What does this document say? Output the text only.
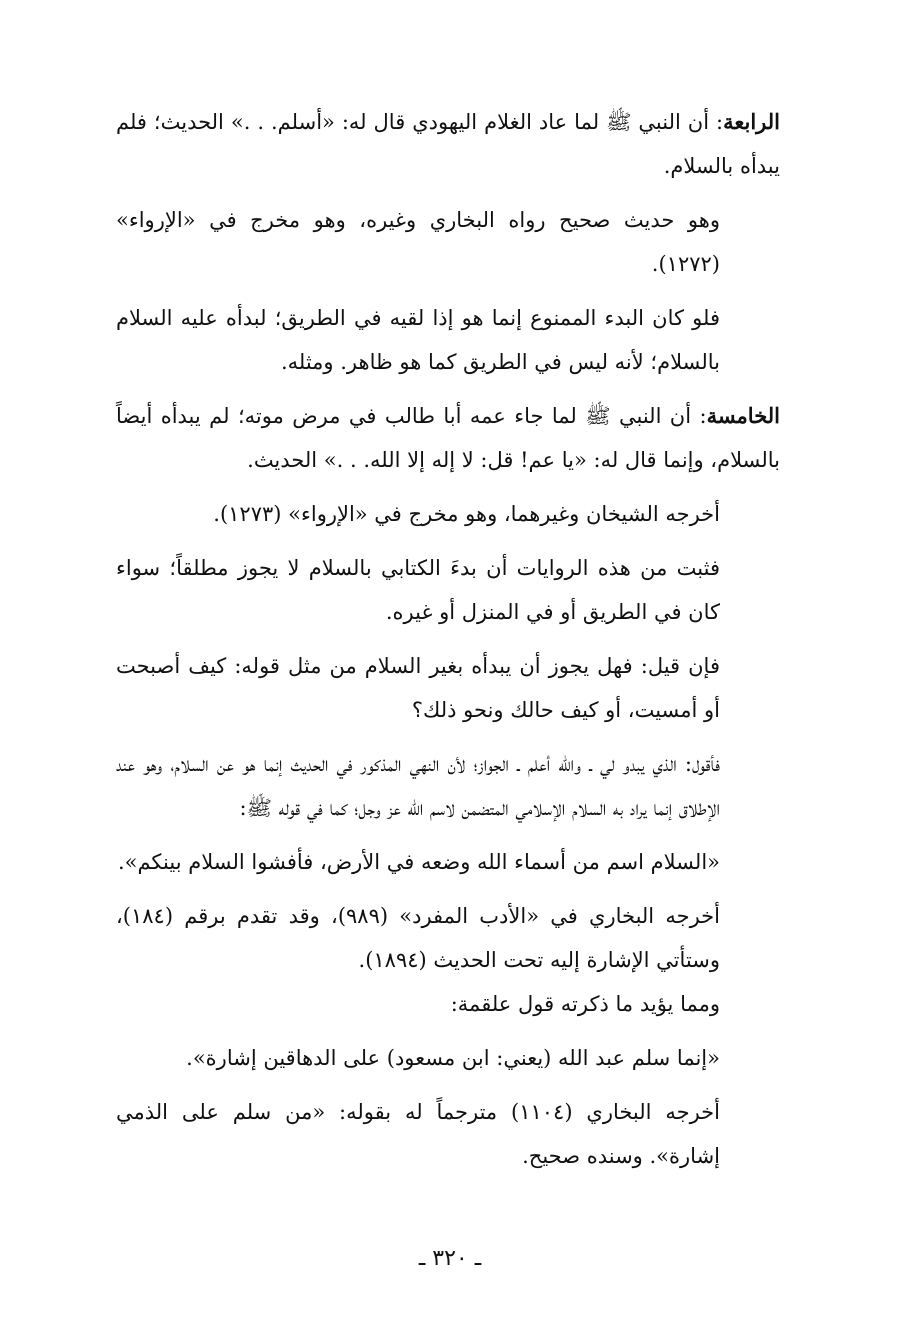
الرابعة: أن النبي ﷺ لما عاد الغلام اليهودي قال له: «أسلم. . .» الحديث؛ فلم يبدأه بالسلام.

وهو حديث صحيح رواه البخاري وغيره، وهو مخرج في «الإرواء» (١٢٧٢).

فلو كان البدء الممنوع إنما هو إذا لقيه في الطريق؛ لبدأه عليه السلام بالسلام؛ لأنه ليس في الطريق كما هو ظاهر. ومثله.

الخامسة: أن النبي ﷺ لما جاء عمه أبا طالب في مرض موته؛ لم يبدأه أيضاً بالسلام، وإنما قال له: «يا عم! قل: لا إله إلا الله. . .» الحديث.

أخرجه الشيخان وغيرهما، وهو مخرج في «الإرواء» (١٢٧٣).

فثبت من هذه الروايات أن بدءَ الكتابي بالسلام لا يجوز مطلقاً؛ سواء كان في الطريق أو في المنزل أو غيره.

فإن قيل: فهل يجوز أن يبدأه بغير السلام من مثل قوله: كيف أصبحت أو أمسيت، أو كيف حالك ونحو ذلك؟

فأقول: الذي يبدو لي ـ والله أعلم ـ الجواز؛ لأن النهي المذكور في الحديث إنما هو عن السلام، وهو عند الإطلاق إنما يراد به السلام الإسلامي المتضمن لاسم الله عز وجل؛ كما في قوله ﷺ:

«السلام اسم من أسماء الله وضعه في الأرض، فأفشوا السلام بينكم».

أخرجه البخاري في «الأدب المفرد» (٩٨٩)، وقد تقدم برقم (١٨٤)، وستأتي الإشارة إليه تحت الحديث (١٨٩٤).

ومما يؤيد ما ذكرته قول علقمة:

«إنما سلم عبد الله (يعني: ابن مسعود) على الدهاقين إشارة».

أخرجه البخاري (١١٠٤) مترجماً له بقوله: «من سلم على الذمي إشارة». وسنده صحيح.

ـ ٣٢٠ ـ
